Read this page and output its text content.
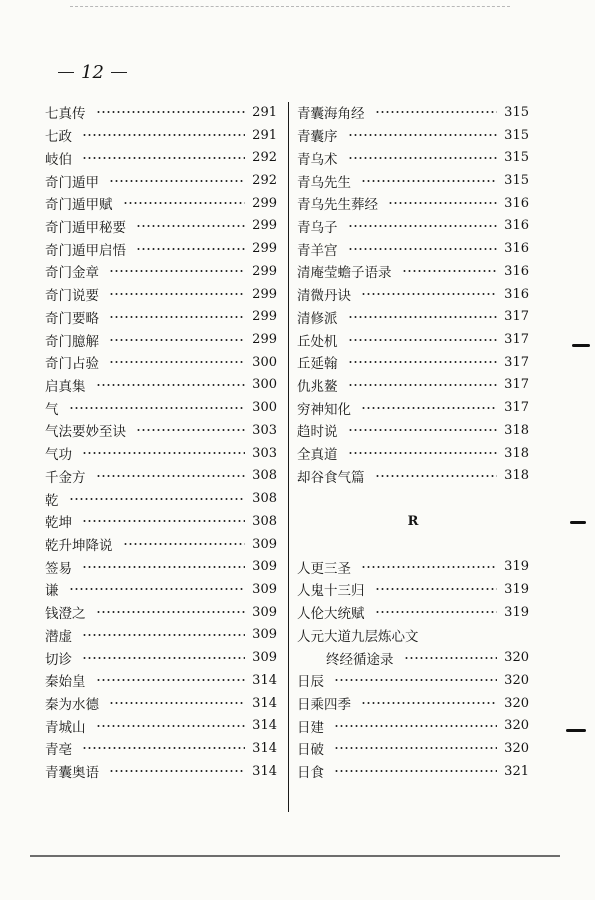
12
七真传	291
七政	291
岐伯	292
奇门遁甲	292
奇门遁甲赋	299
奇门遁甲秘要	299
奇门遁甲启悟	299
奇门金章	299
奇门说要	299
奇门要略	299
奇门臆解	299
奇门占验	300
启真集	300
气	300
气法要妙至诀	303
气功	303
千金方	308
乾	308
乾坤	308
乾升坤降说	309
签易	309
谦	309
钱澄之	309
潜虚	309
切诊	309
秦始皇	314
秦为水德	314
青城山	314
青亳	314
青囊奥语	314
青囊海角经	315
青囊序	315
青乌术	315
青乌先生	315
青乌先生葬经	316
青乌子	316
青羊宫	316
清庵莹蟾子语录	316
清微丹诀	316
清修派	317
丘处机	317
丘延翰	317
仇兆鳌	317
穷神知化	317
趋时说	318
全真道	318
却谷食气篇	318
R
人更三圣	319
人鬼十三归	319
人伦大统赋	319
人元大道九层炼心文
终经循途录	320
日辰	320
日乘四季	320
日建	320
日破	320
日食	321
